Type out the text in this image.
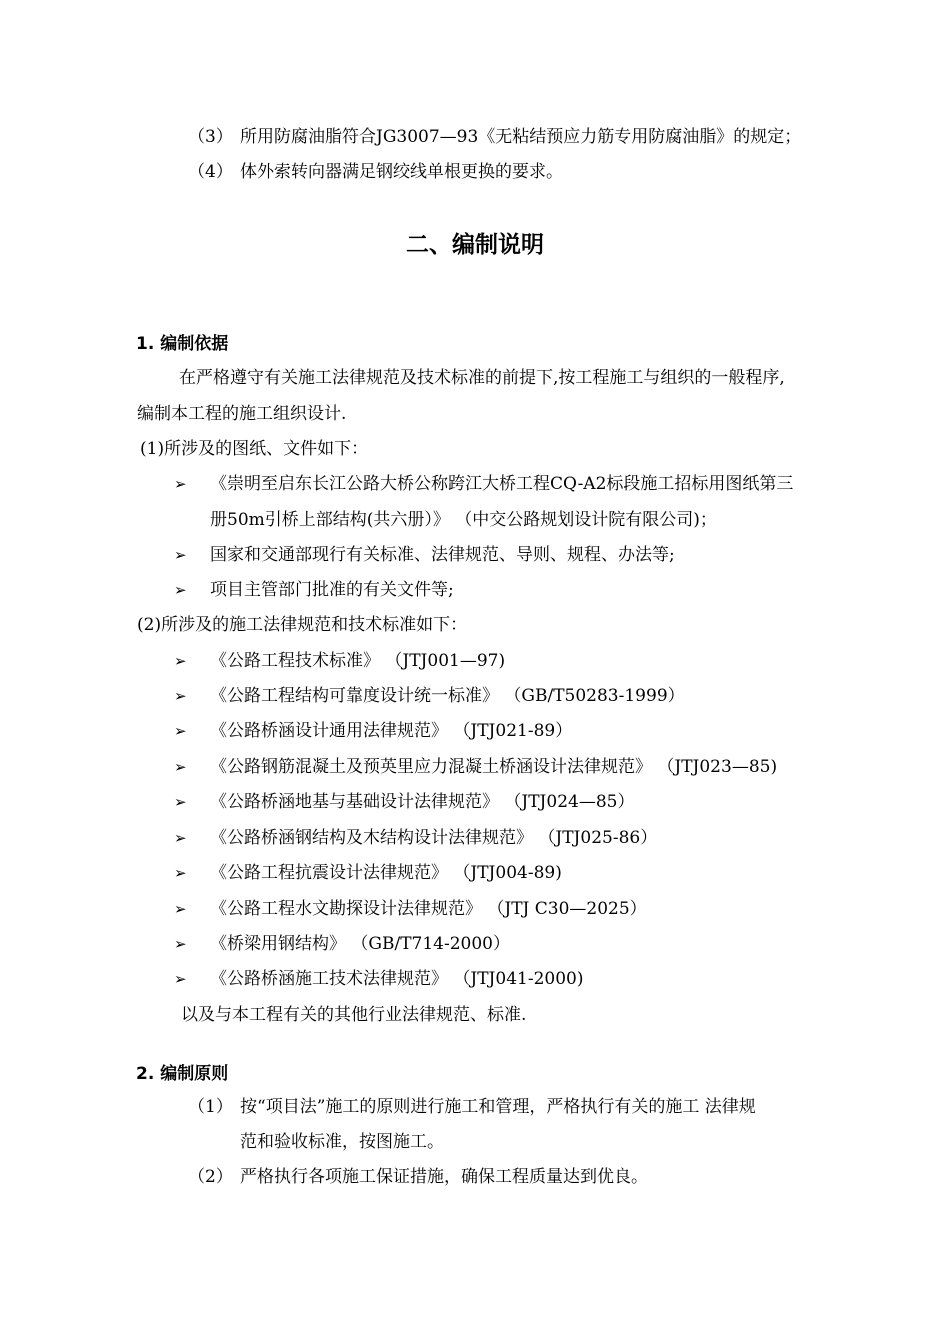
（3） 所用防腐油脂符合JG3007—93《无粘结预应力筋专用防腐油脂》的规定；
（4） 体外索转向器满足钢绞线单根更换的要求。
二、编制说明
1. 编制依据
在严格遵守有关施工法律规范及技术标准的前提下,按工程施工与组织的一般程序,
编制本工程的施工组织设计.
(1)所涉及的图纸、文件如下：
➢ 《崇明至启东长江公路大桥公称跨江大桥工程CQ-A2标段施工招标用图纸第三
册50m引桥上部结构(共六册）》 （中交公路规划设计院有限公司)；
➢ 国家和交通部现行有关标准、法律规范、导则、规程、办法等;
➢ 项目主管部门批准的有关文件等;
(2)所涉及的施工法律规范和技术标准如下：
➢ 《公路工程技术标准》 （JTJ001—97)
➢ 《公路工程结构可靠度设计统一标准》 （GB/T50283-1999）
➢ 《公路桥涵设计通用法律规范》 （JTJ021-89）
➢ 《公路钢筋混凝土及预英里应力混凝土桥涵设计法律规范》 （JTJ023—85)
➢ 《公路桥涵地基与基础设计法律规范》 （JTJ024—85）
➢ 《公路桥涵钢结构及木结构设计法律规范》 （JTJ025-86）
➢ 《公路工程抗震设计法律规范》 （JTJ004-89)
➢ 《公路工程水文勘探设计法律规范》 （JTJ C30—2025）
➢ 《桥梁用钢结构》 （GB/T714-2000）
➢ 《公路桥涵施工技术法律规范》 （JTJ041-2000)
以及与本工程有关的其他行业法律规范、标准.
2. 编制原则
（1） 按“项目法”施工的原则进行施工和管理，严格执行有关的施工 法律规
范和验收标准，按图施工。
（2） 严格执行各项施工保证措施，确保工程质量达到优良。
